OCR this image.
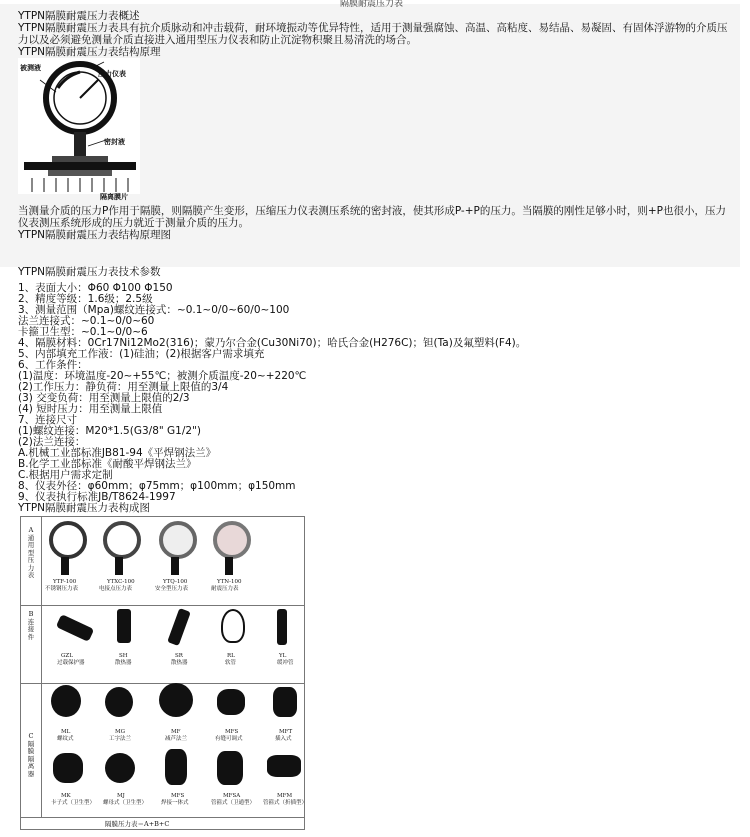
隔膜耐震压力表
YTPN隔膜耐震压力表概述
YTPN隔膜耐震压力表具有抗介质脉动和冲击载荷，耐环境振动等优异特性，适用于测量强腐蚀、高温、高粘度、易结晶、易凝固、有固体浮游物的介质压力以及必须避免测量介质直接进入通用型压力仪表和防止沉淀物积聚且易清洗的场合。
YTPN隔膜耐震压力表结构原理
被测液
压力仪表
密封液
隔离膜片
当测量介质的压力P作用于隔膜，则隔膜产生变形，压缩压力仪表测压系统的密封液，使其形成P-+P的压力。当隔膜的刚性足够小时，则+P也很小，压力仪表测压系统形成的压力就近于测量介质的压力。
YTPN隔膜耐震压力表结构原理图
YTPN隔膜耐震压力表技术参数
1、表面大小：Φ60 Φ100 Φ150
2、精度等级：1.6级；2.5级
3、测量范围（Mpa)螺纹连接式：~0.1~0/0~60/0~100
法兰连接式：~0.1~0/0~60
卡箍卫生型：~0.1~0/0~6
4、隔膜材料：0Cr17Ni12Mo2(316)；蒙乃尔合金(Cu30Ni70)；哈氏合金(H276C)；钽(Ta)及氟塑料(F4)。
5、内部填充工作液：(1)硅油；(2)根据客户需求填充
6、工作条件：
(1)温度：环境温度-20~+55℃；被测介质温度-20~+220℃
(2)工作压力：静负荷：用至测量上限值的3/4
(3) 交变负荷：用至测量上限值的2/3
(4) 短时压力：用至测量上限值
7、连接尺寸
(1)螺纹连接：M20*1.5(G3/8" G1/2")
(2)法兰连接：
A.机械工业部标准JB81-94《平焊钢法兰》
B.化学工业部标准《耐酸平焊钢法兰》
C.根据用户需求定制
8、仪表外径：φ60mm；φ75mm；φ100mm；φ150mm
9、仪表执行标准JB/T8624-1997
YTPN隔膜耐震压力表构成图
A 通用型压力表
B 连接件
C 隔膜隔离器
YTF-100
不锈钢压力表
YTXC-100
电接点压力表
YTQ-100
安全型压力表
YTN-100
耐震压力表
GZL
过载保护器
SH
散热器
SR
散热器
RL
软管
YL
缓冲管
ML
螺纹式
MG
工字法兰
MF
减芦法兰
MFS
有缝可调式
MFT
插入式
MK
卡子式（卫生型）
MJ
螺母式（卫生型）
MFS
焊接一体式
MFSA
管箍式（卫通型）
MFM
管箍式（折插型）
隔膜压力表＝A+B+C
